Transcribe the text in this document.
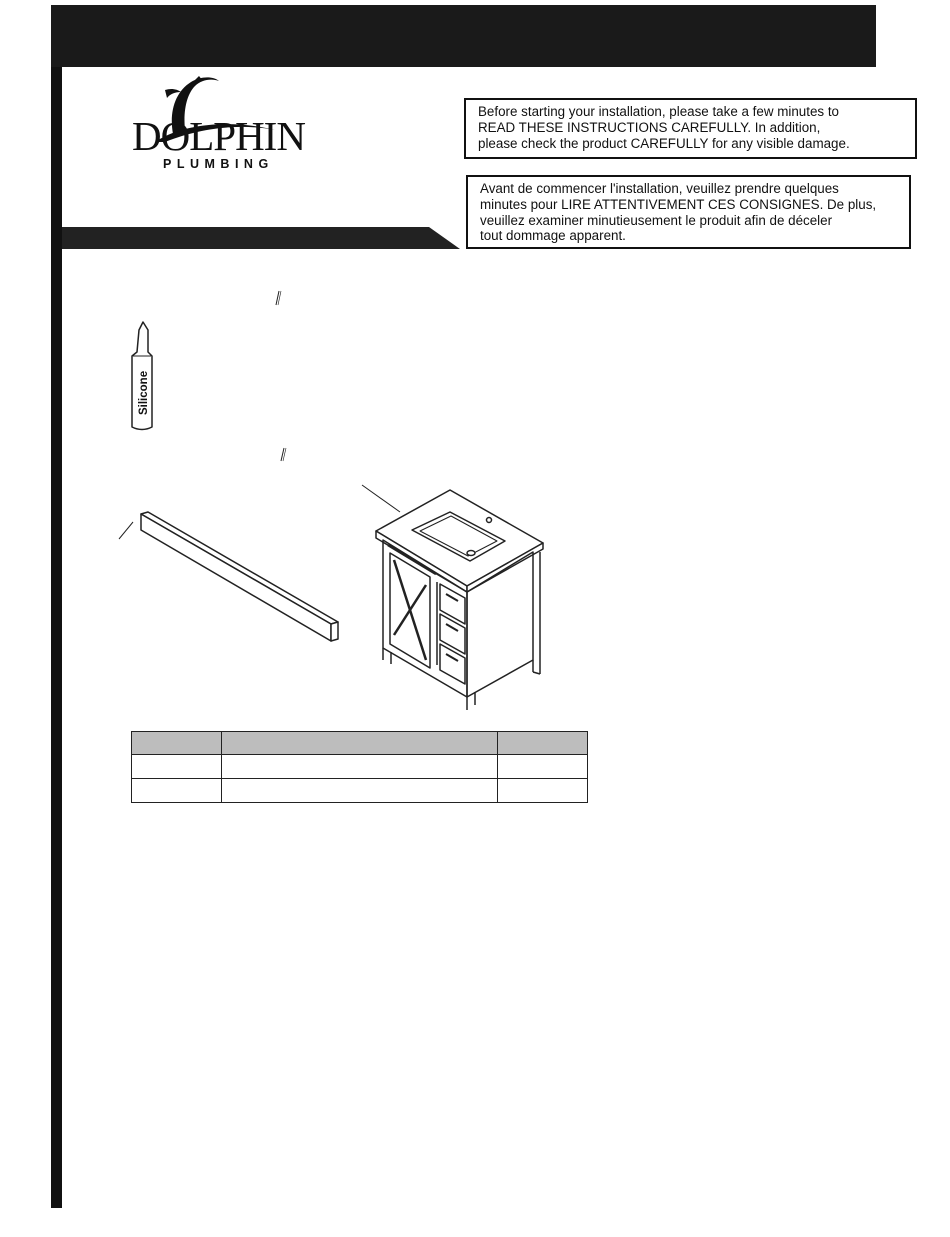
DOLPHIN
PLUMBING

Before starting your installation, please take a few minutes to

READ THESE INSTRUCTIONS CAREFULLY. In addition,

please check the product CAREFULLY for any visible damage.

Avant de commencer l'installation, veuillez prendre quelques

minutes pour LIRE ATTENTIVEMENT CES CONSIGNES. De plus,

veuillez examiner minutieusement le produit afin de déceler

tout dommage apparent.

Silicone
